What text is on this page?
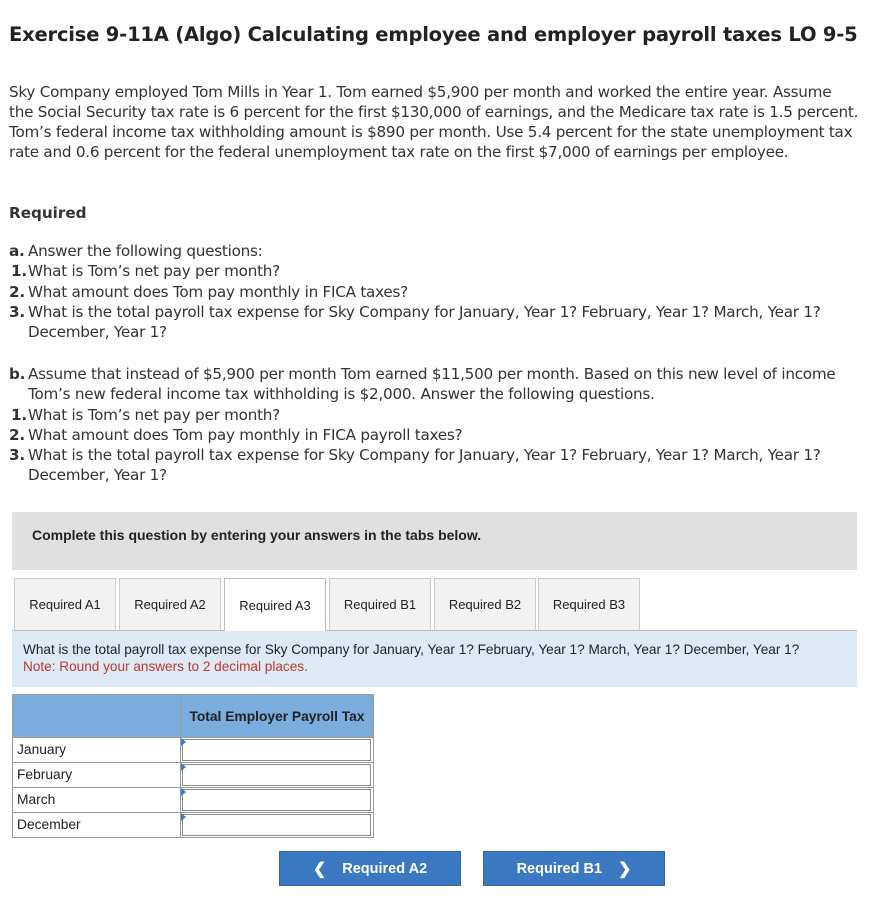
Exercise 9-11A (Algo) Calculating employee and employer payroll taxes LO 9-5
Sky Company employed Tom Mills in Year 1. Tom earned $5,900 per month and worked the entire year. Assume the Social Security tax rate is 6 percent for the first $130,000 of earnings, and the Medicare tax rate is 1.5 percent. Tom’s federal income tax withholding amount is $890 per month. Use 5.4 percent for the state unemployment tax rate and 0.6 percent for the federal unemployment tax rate on the first $7,000 of earnings per employee.
Required
a. Answer the following questions:
1. What is Tom’s net pay per month?
2. What amount does Tom pay monthly in FICA taxes?
3. What is the total payroll tax expense for Sky Company for January, Year 1? February, Year 1? March, Year 1? December, Year 1?
b. Assume that instead of $5,900 per month Tom earned $11,500 per month. Based on this new level of income Tom’s new federal income tax withholding is $2,000. Answer the following questions.
1. What is Tom’s net pay per month?
2. What amount does Tom pay monthly in FICA payroll taxes?
3. What is the total payroll tax expense for Sky Company for January, Year 1? February, Year 1? March, Year 1? December, Year 1?
Complete this question by entering your answers in the tabs below.
Required A1	Required A2	Required A3	Required B1	Required B2	Required B3
What is the total payroll tax expense for Sky Company for January, Year 1? February, Year 1? March, Year 1? December, Year 1?
Note: Round your answers to 2 decimal places.
Total Employer Payroll Tax
January
February
March
December
❮ Required A2	Required B1 ❯
